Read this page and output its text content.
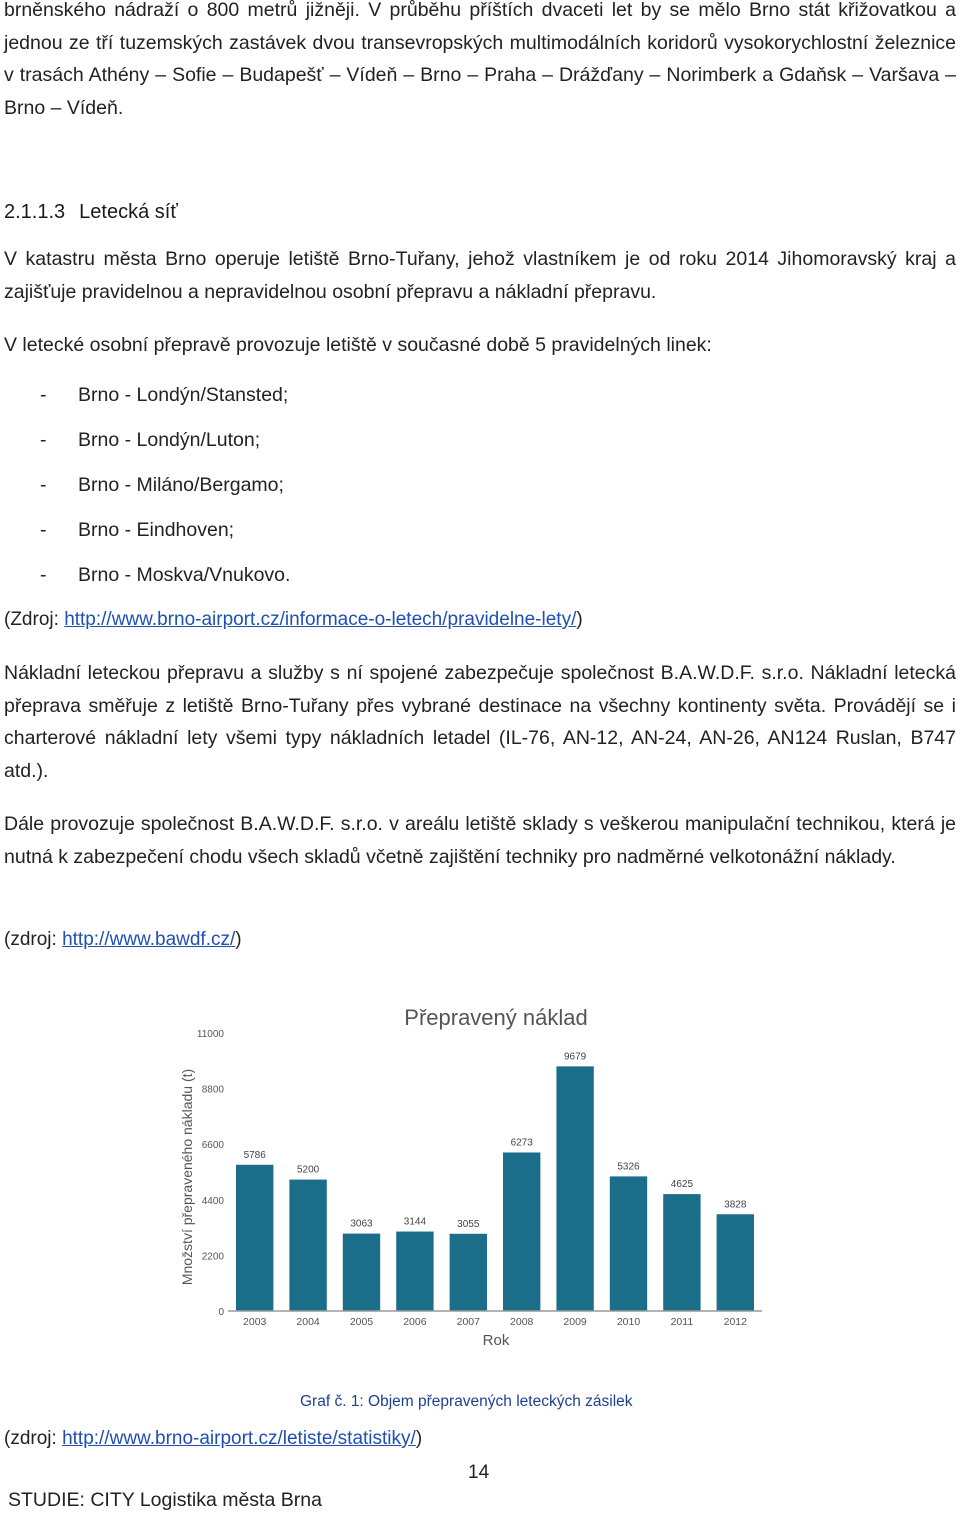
brněnského nádraží o 800 metrů jižněji. V průběhu příštích dvaceti let by se mělo Brno stát křižovatkou a jednou ze tří tuzemských zastávek dvou transevropských multimodálních koridorů vysokorychlostní železnice v trasách Athény – Sofie – Budapešť – Vídeň – Brno – Praha – Drážďany – Norimberk a Gdaňsk – Varšava – Brno – Vídeň.
2.1.1.3 Letecká síť
V katastru města Brno operuje letiště Brno-Tuřany, jehož vlastníkem je od roku 2014 Jihomoravský kraj a zajišťuje pravidelnou a nepravidelnou osobní přepravu a nákladní přepravu.
V letecké osobní přepravě provozuje letiště v současné době 5 pravidelných linek:
- Brno - Londýn/Stansted;
- Brno - Londýn/Luton;
- Brno - Miláno/Bergamo;
- Brno - Eindhoven;
- Brno - Moskva/Vnukovo.
(Zdroj: http://www.brno-airport.cz/informace-o-letech/pravidelne-lety/)
Nákladní leteckou přepravu a služby s ní spojené zabezpečuje společnost B.A.W.D.F. s.r.o. Nákladní letecká přeprava směřuje z letiště Brno-Tuřany přes vybrané destinace na všechny kontinenty světa. Provádějí se i charterové nákladní lety všemi typy nákladních letadel (IL-76, AN-12, AN-24, AN-26, AN124 Ruslan, B747 atd.).
Dále provozuje společnost B.A.W.D.F. s.r.o. v areálu letiště sklady s veškerou manipulační technikou, která je nutná k zabezpečení chodu všech skladů včetně zajištění techniky pro nadměrné velkotonážní náklady.
(zdroj: http://www.bawdf.cz/)
Přepravený náklad
Množství přepraveného nákladu (t)
Rok
0
2200
4400
6600
8800
11000
5786
5200
3063	3144	3055
6273
9679
5326
4625
3828
2003	2004	2005	2006	2007	2008	2009	2010	2011	2012
Graf č. 1: Objem přepravených leteckých zásilek
(zdroj: http://www.brno-airport.cz/letiste/statistiky/)
14
STUDIE: CITY Logistika města Brna
